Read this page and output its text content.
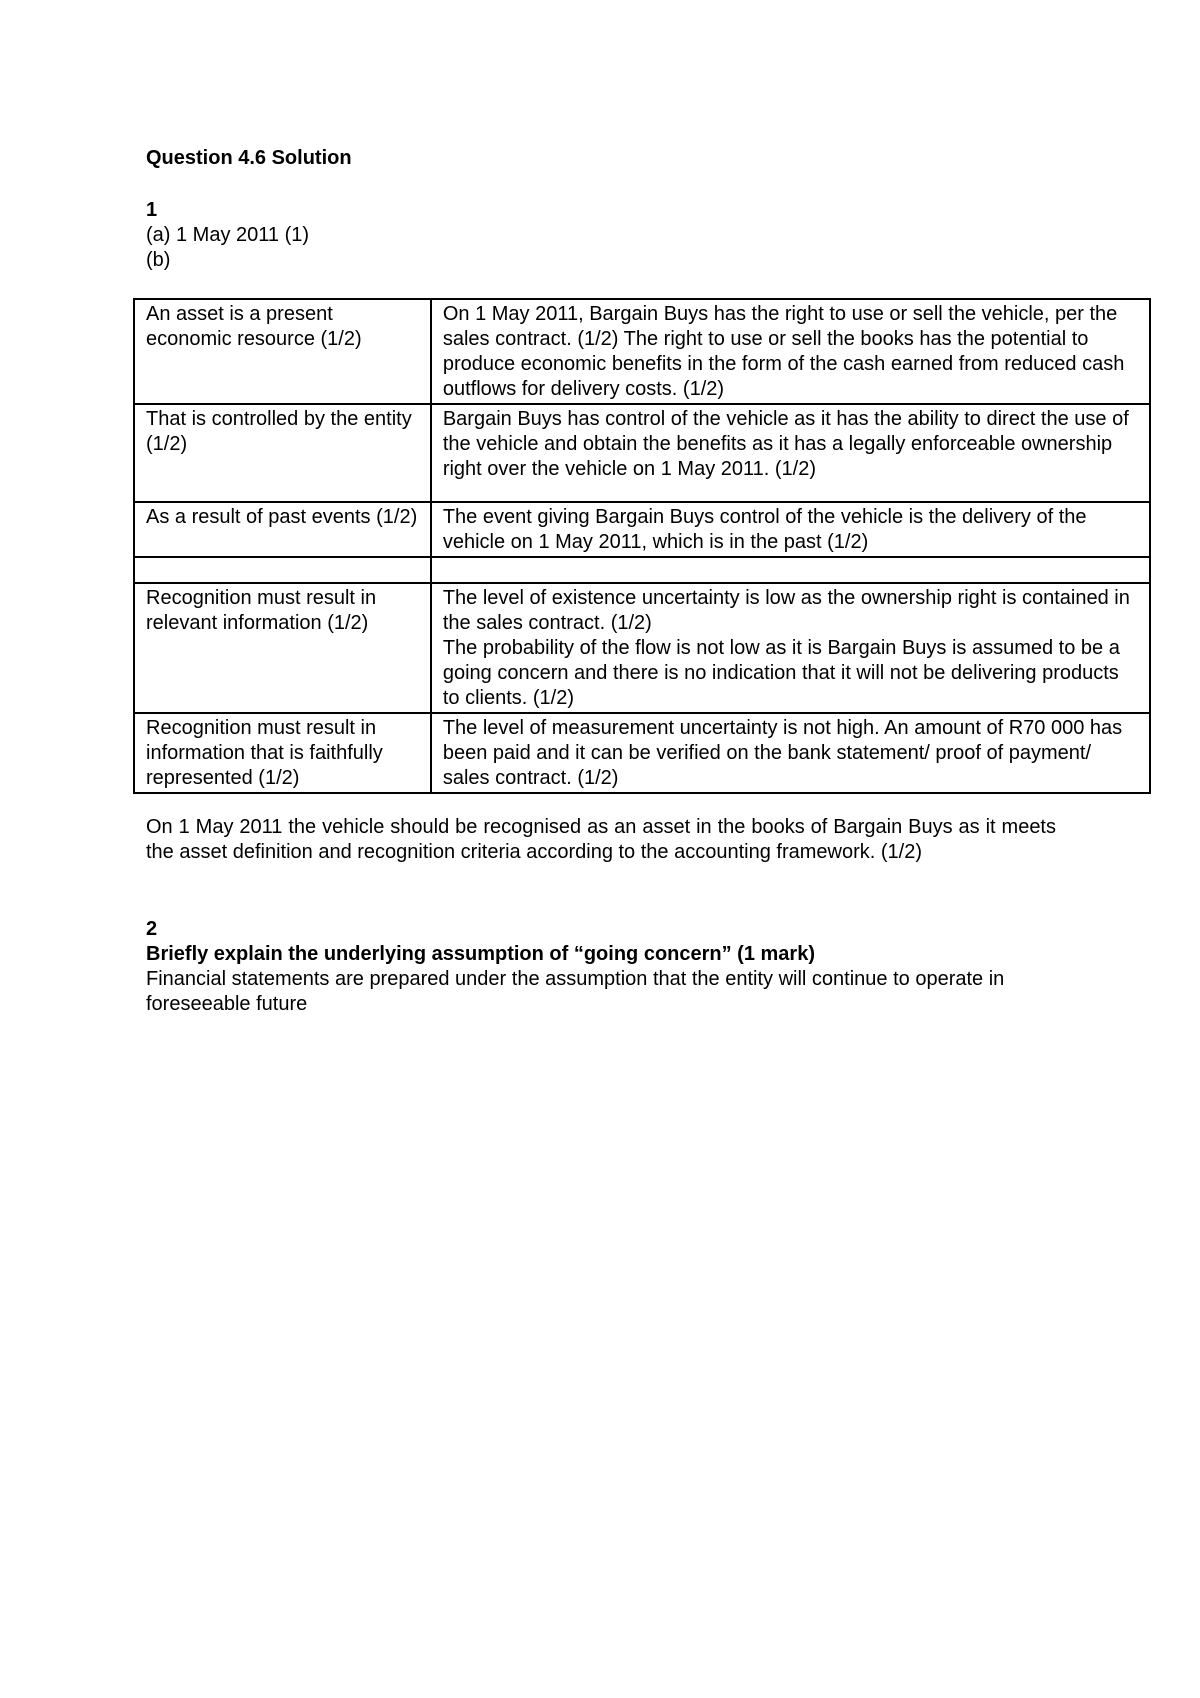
Question 4.6 Solution
1
(a) 1 May 2011 (1)
(b)
An asset is a present economic resource (1/2)	On 1 May 2011, Bargain Buys has the right to use or sell the vehicle, per the sales contract. (1/2) The right to use or sell the books has the potential to produce economic benefits in the form of the cash earned from reduced cash outflows for delivery costs. (1/2)
That is controlled by the entity (1/2)	Bargain Buys has control of the vehicle as it has the ability to direct the use of the vehicle and obtain the benefits as it has a legally enforceable ownership right over the vehicle on 1 May 2011. (1/2)
As a result of past events (1/2)	The event giving Bargain Buys control of the vehicle is the delivery of the vehicle on 1 May 2011, which is in the past (1/2)

Recognition must result in relevant information (1/2)	The level of existence uncertainty is low as the ownership right is contained in the sales contract. (1/2)
The probability of the flow is not low as it is Bargain Buys is assumed to be a going concern and there is no indication that it will not be delivering products to clients. (1/2)

Recognition must result in information that is faithfully represented (1/2)	The level of measurement uncertainty is not high. An amount of R70 000 has been paid and it can be verified on the bank statement/ proof of payment/ sales contract. (1/2)

On 1 May 2011 the vehicle should be recognised as an asset in the books of Bargain Buys as it meets the asset definition and recognition criteria according to the accounting framework. (1/2)

2
Briefly explain the underlying assumption of “going concern” (1 mark)
Financial statements are prepared under the assumption that the entity will continue to operate in foreseeable future
